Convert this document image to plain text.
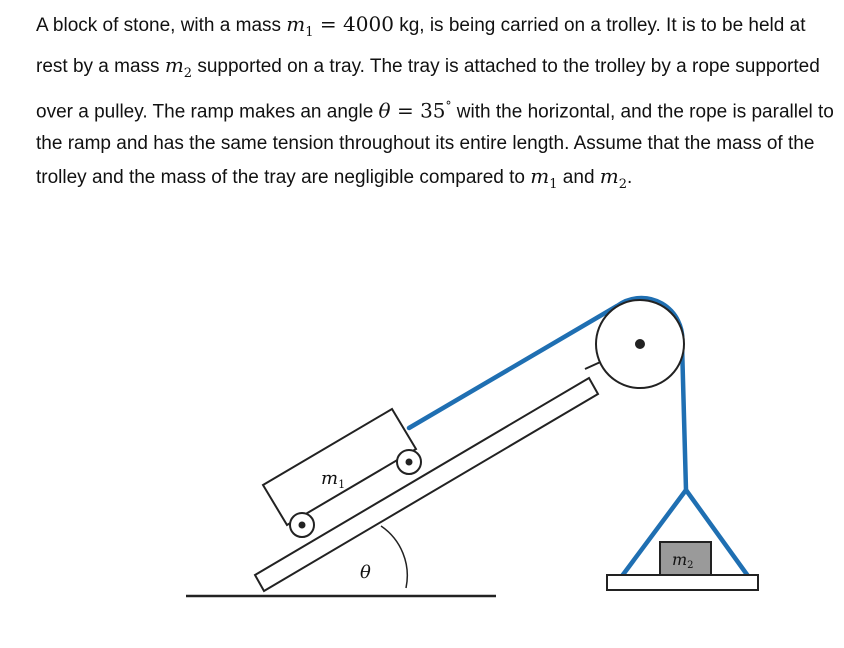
A block of stone, with a mass $m_1 = 4000$ kg, is being carried on a trolley. It is to be held at rest by a mass $m_2$ supported on a tray. The tray is attached to the trolley by a rope supported over a pulley. The ramp makes an angle θ = 35° with the horizontal, and the rope is parallel to the ramp and has the same tension throughout its entire length. Assume that the mass of the trolley and the mass of the tray are negligible compared to $m_1$ and $m_2$.
θ
$m_1$
m2
